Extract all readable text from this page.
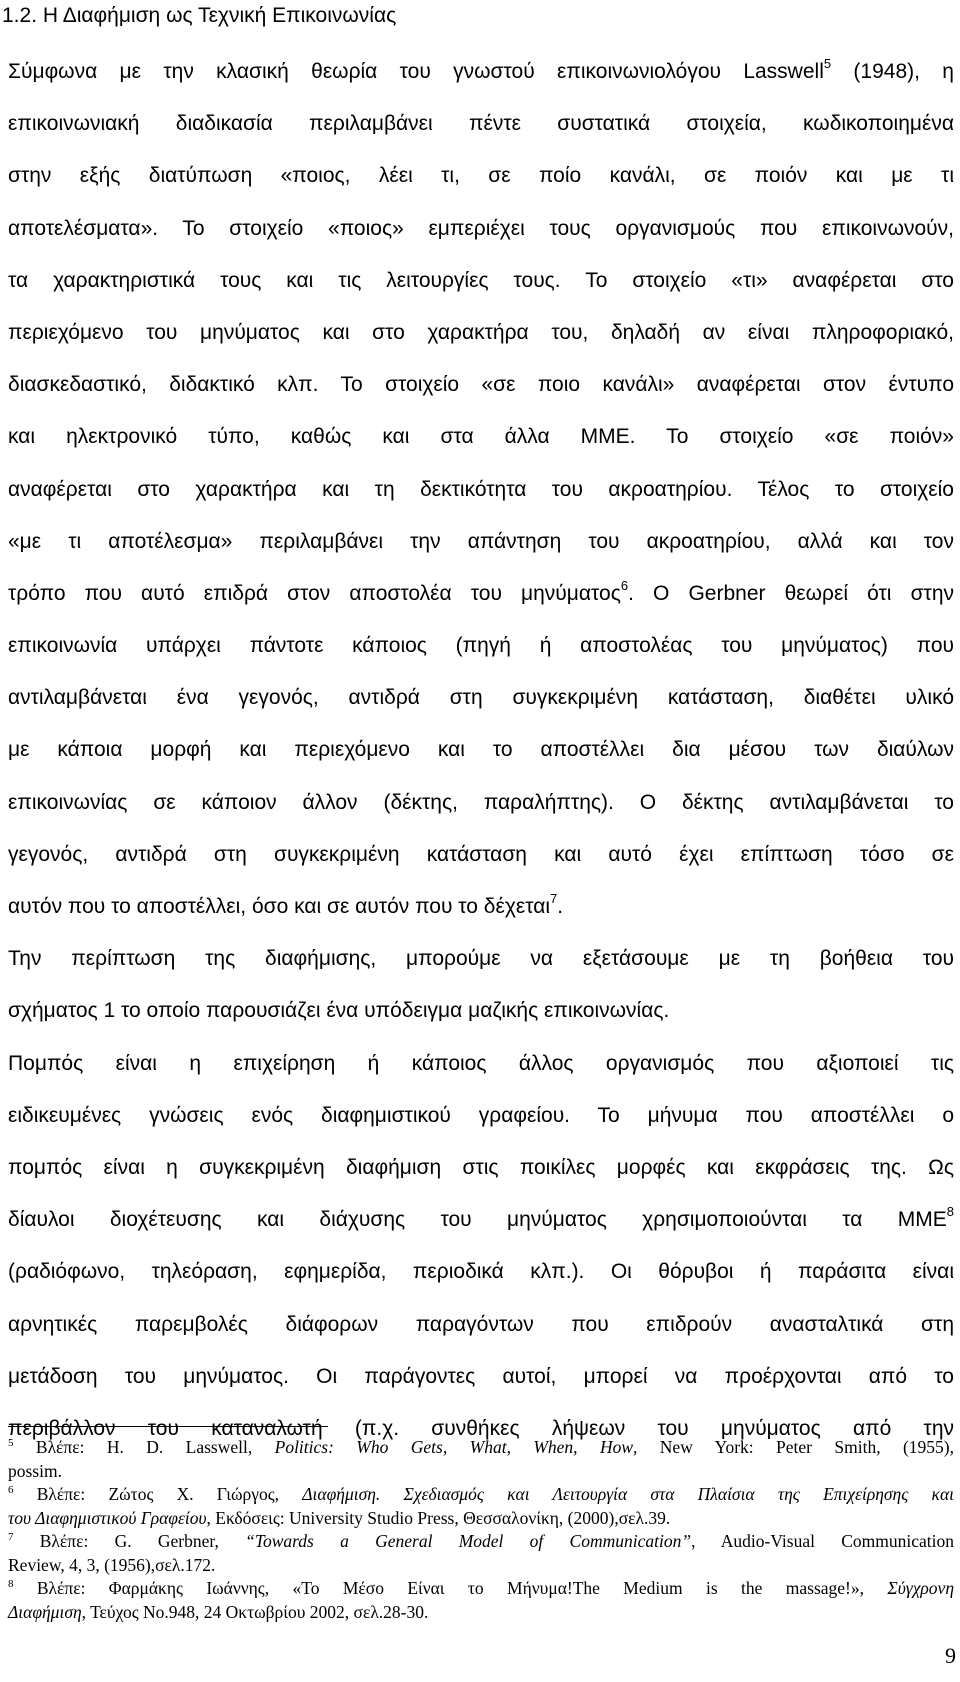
1.2. Η Διαφήμιση ως Τεχνική Επικοινωνίας
Σύμφωνα με την κλασική θεωρία του γνωστού επικοινωνιολόγου Lasswell$^5$ (1948), η
επικοινωνιακή διαδικασία περιλαμβάνει πέντε συστατικά στοιχεία, κωδικοποιημένα
στην εξής διατύπωση «ποιος, λέει τι, σε ποίο κανάλι, σε ποιόν και με τι
αποτελέσματα». Το στοιχείο «ποιος» εμπεριέχει τους οργανισμούς που επικοινωνούν,
τα χαρακτηριστικά τους και τις λειτουργίες τους. Το στοιχείο «τι» αναφέρεται στο
περιεχόμενο του μηνύματος και στο χαρακτήρα του, δηλαδή αν είναι πληροφοριακό,
διασκεδαστικό, διδακτικό κλπ. Το στοιχείο «σε ποιο κανάλι» αναφέρεται στον έντυπο
και ηλεκτρονικό τύπο, καθώς και στα άλλα ΜΜΕ. Το στοιχείο «σε ποιόν»
αναφέρεται στο χαρακτήρα και τη δεκτικότητα του ακροατηρίου. Τέλος το στοιχείο
«με τι αποτέλεσμα» περιλαμβάνει την απάντηση του ακροατηρίου, αλλά και τον
τρόπο που αυτό επιδρά στον αποστολέα του μηνύματος$^6$. Ο Gerbner θεωρεί ότι στην
επικοινωνία υπάρχει πάντοτε κάποιος (πηγή ή αποστολέας του μηνύματος) που
αντιλαμβάνεται ένα γεγονός, αντιδρά στη συγκεκριμένη κατάσταση, διαθέτει υλικό
με κάποια μορφή και περιεχόμενο και το αποστέλλει δια μέσου των διαύλων
επικοινωνίας σε κάποιον άλλον (δέκτης, παραλήπτης). Ο δέκτης αντιλαμβάνεται το
γεγονός, αντιδρά στη συγκεκριμένη κατάσταση και αυτό έχει επίπτωση τόσο σε
αυτόν που το αποστέλλει, όσο και σε αυτόν που το δέχεται$^7$.
Την περίπτωση της διαφήμισης, μπορούμε να εξετάσουμε με τη βοήθεια του
σχήματος 1 το οποίο παρουσιάζει ένα υπόδειγμα μαζικής επικοινωνίας.
Πομπός είναι η επιχείρηση ή κάποιος άλλος οργανισμός που αξιοποιεί τις
ειδικευμένες γνώσεις ενός διαφημιστικού γραφείου. Το μήνυμα που αποστέλλει ο
πομπός είναι η συγκεκριμένη διαφήμιση στις ποικίλες μορφές και εκφράσεις της. Ως
δίαυλοι διοχέτευσης και διάχυσης του μηνύματος χρησιμοποιούνται τα ΜΜΕ$^8$
(ραδιόφωνο, τηλεόραση, εφημερίδα, περιοδικά κλπ.). Οι θόρυβοι ή παράσιτα είναι
αρνητικές παρεμβολές διάφορων παραγόντων που επιδρούν ανασταλτικά στη
μετάδοση του μηνύματος. Οι παράγοντες αυτοί, μπορεί να προέρχονται από το
περιβάλλον του καταναλωτή (π.χ. συνθήκες λήψεων του μηνύματος από την
$^5$ Βλέπε: H. D. Lasswell, Politics: Who Gets, What, When, How, New York: Peter Smith, (1955),
possim.
$^6$ Βλέπε: Ζώτος Χ. Γιώργος, Διαφήμιση. Σχεδιασμός και Λειτουργία στα Πλαίσια της Επιχείρησης και
του Διαφημιστικού Γραφείου, Εκδόσεις: University Studio Press, Θεσσαλονίκη, (2000),σελ.39.
$^7$ Βλέπε: G. Gerbner, “Towards a General Model of Communication”, Audio-Visual Communication
Review, 4, 3, (1956),σελ.172.
$^8$ Βλέπε: Φαρμάκης Ιωάννης, «Το Μέσο Είναι το Μήνυμα!The Medium is the massage!», Σύγχρονη
Διαφήμιση, Τεύχος No.948, 24 Οκτωβρίου 2002, σελ.28-30.
9
